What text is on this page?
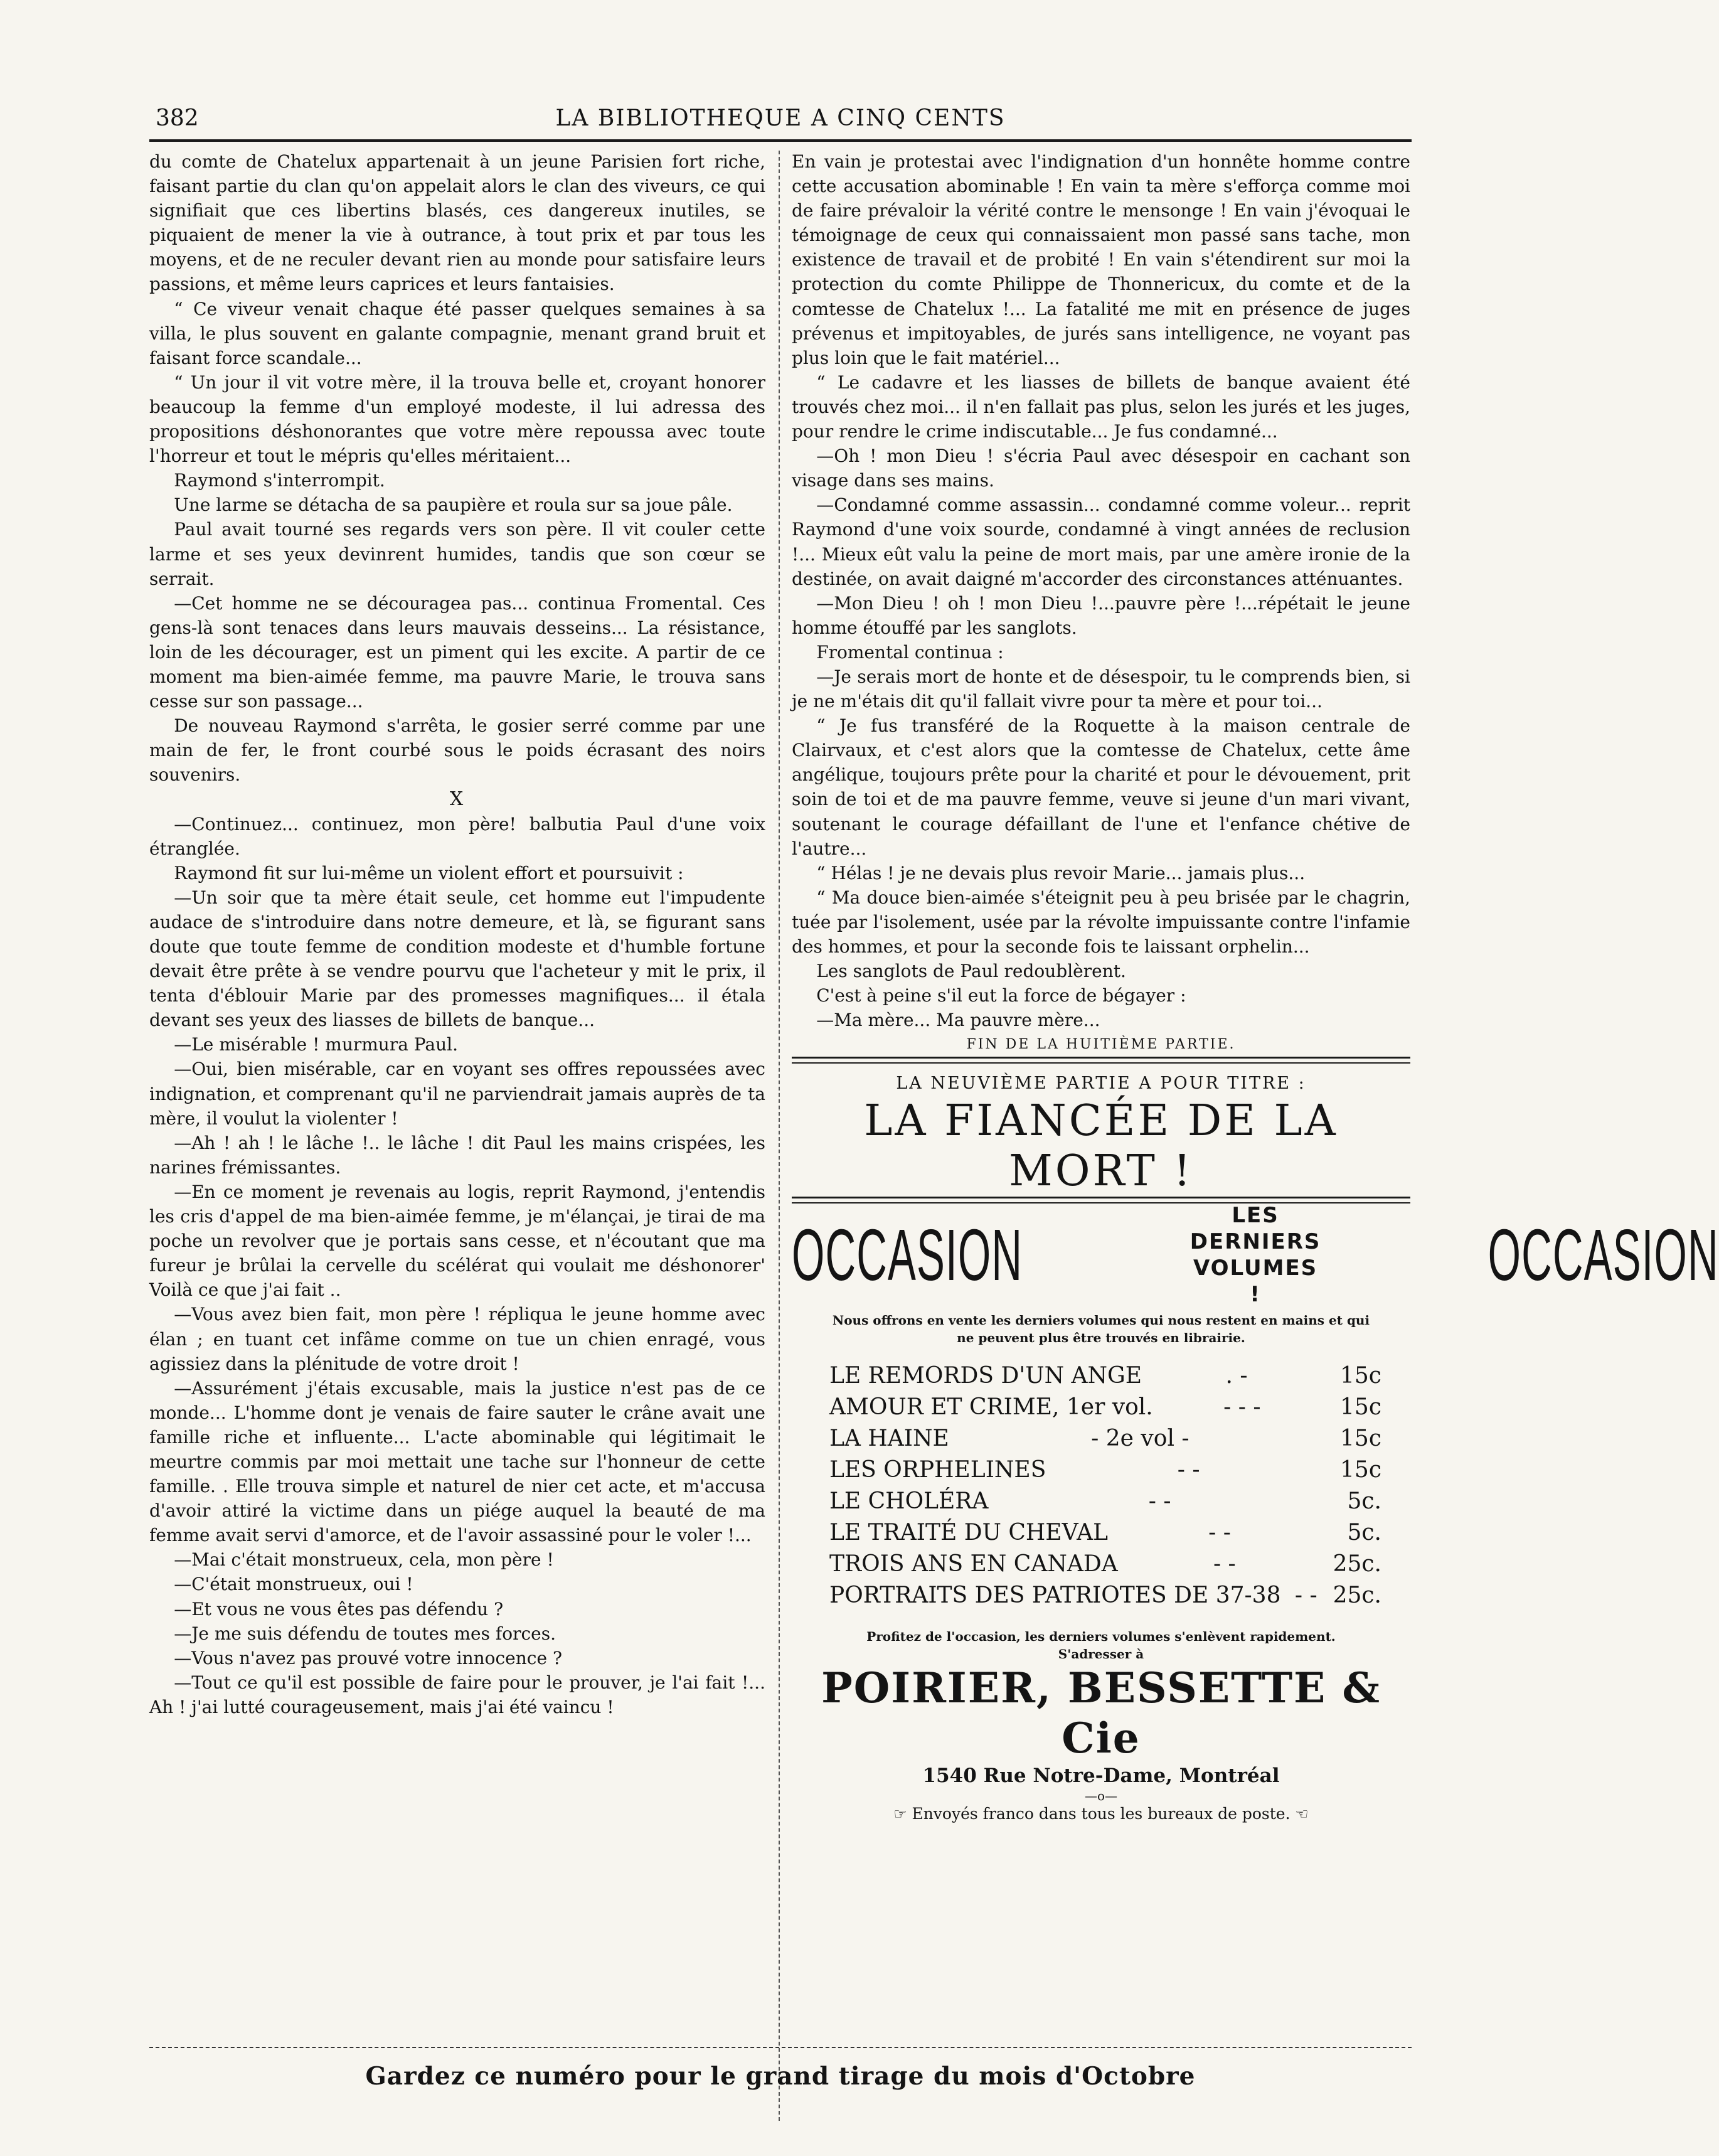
382	LA BIBLIOTHEQUE A CINQ CENTS

du comte de Chatelux appartenait à un jeune Parisien fort riche, faisant partie du clan qu'on appelait alors le clan des viveurs, ce qui signifiait que ces libertins blasés, ces dangereux inutiles, se piquaient de mener la vie à outrance, à tout prix et par tous les moyens, et de ne reculer devant rien au monde pour satisfaire leurs passions, et même leurs caprices et leurs fantaisies.

“ Ce viveur venait chaque été passer quelques semaines à sa villa, le plus souvent en galante compagnie, menant grand bruit et faisant force scandale...

“ Un jour il vit votre mère, il la trouva belle et, croyant honorer beaucoup la femme d'un employé modeste, il lui adressa des propositions déshonorantes que votre mère repoussa avec toute l'horreur et tout le mépris qu'elles méritaient...

Raymond s'interrompit.

Une larme se détacha de sa paupière et roula sur sa joue pâle.

Paul avait tourné ses regards vers son père. Il vit couler cette larme et ses yeux devinrent humides, tandis que son cœur se serrait.

—Cet homme ne se découragea pas... continua Fromental. Ces gens-là sont tenaces dans leurs mauvais desseins... La résistance, loin de les décourager, est un piment qui les excite. A partir de ce moment ma bien-aimée femme, ma pauvre Marie, le trouva sans cesse sur son passage...

De nouveau Raymond s'arrêta, le gosier serré comme par une main de fer, le front courbé sous le poids écrasant des noirs souvenirs.

X

—Continuez... continuez, mon père! balbutia Paul d'une voix étranglée.

Raymond fit sur lui-même un violent effort et poursuivit :

—Un soir que ta mère était seule, cet homme eut l'impudente audace de s'introduire dans notre demeure, et là, se figurant sans doute que toute femme de condition modeste et d'humble fortune devait être prête à se vendre pourvu que l'acheteur y mit le prix, il tenta d'éblouir Marie par des promesses magnifiques... il étala devant ses yeux des liasses de billets de banque...

—Le misérable ! murmura Paul.

—Oui, bien misérable, car en voyant ses offres repoussées avec indignation, et comprenant qu'il ne parviendrait jamais auprès de ta mère, il voulut la violenter !

—Ah ! ah ! le lâche !.. le lâche ! dit Paul les mains crispées, les narines frémissantes.

—En ce moment je revenais au logis, reprit Raymond, j'entendis les cris d'appel de ma bien-aimée femme, je m'élançai, je tirai de ma poche un revolver que je portais sans cesse, et n'écoutant que ma fureur je brûlai la cervelle du scélérat qui voulait me déshonorer' Voilà ce que j'ai fait ..

—Vous avez bien fait, mon père ! répliqua le jeune homme avec élan ; en tuant cet infâme comme on tue un chien enragé, vous agissiez dans la plénitude de votre droit !

—Assurément j'étais excusable, mais la justice n'est pas de ce monde... L'homme dont je venais de faire sauter le crâne avait une famille riche et influente... L'acte abominable qui légitimait le meurtre commis par moi mettait une tache sur l'honneur de cette famille. . Elle trouva simple et naturel de nier cet acte, et m'accusa d'avoir attiré la victime dans un piége auquel la beauté de ma femme avait servi d'amorce, et de l'avoir assassiné pour le voler !...

—Mai c'était monstrueux, cela, mon père !

—C'était monstrueux, oui !

—Et vous ne vous êtes pas défendu ?

—Je me suis défendu de toutes mes forces.

—Vous n'avez pas prouvé votre innocence ?

—Tout ce qu'il est possible de faire pour le prouver, je l'ai fait !... Ah ! j'ai lutté courageusement, mais j'ai été vaincu !

En vain je protestai avec l'indignation d'un honnête homme contre cette accusation abominable ! En vain ta mère s'efforça comme moi de faire prévaloir la vérité contre le mensonge ! En vain j'évoquai le témoignage de ceux qui connaissaient mon passé sans tache, mon existence de travail et de probité ! En vain s'étendirent sur moi la protection du comte Philippe de Thonnericux, du comte et de la comtesse de Chatelux !... La fatalité me mit en présence de juges prévenus et impitoyables, de jurés sans intelligence, ne voyant pas plus loin que le fait matériel...

“ Le cadavre et les liasses de billets de banque avaient été trouvés chez moi... il n'en fallait pas plus, selon les jurés et les juges, pour rendre le crime indiscutable... Je fus condamné...

—Oh ! mon Dieu ! s'écria Paul avec désespoir en cachant son visage dans ses mains.

—Condamné comme assassin... condamné comme voleur... reprit Raymond d'une voix sourde, condamné à vingt années de reclusion !... Mieux eût valu la peine de mort mais, par une amère ironie de la destinée, on avait daigné m'accorder des circonstances atténuantes.

—Mon Dieu ! oh ! mon Dieu !...pauvre père !...répétait le jeune homme étouffé par les sanglots.

Fromental continua :

—Je serais mort de honte et de désespoir, tu le comprends bien, si je ne m'étais dit qu'il fallait vivre pour ta mère et pour toi...

“ Je fus transféré de la Roquette à la maison centrale de Clairvaux, et c'est alors que la comtesse de Chatelux, cette âme angélique, toujours prête pour la charité et pour le dévouement, prit soin de toi et de ma pauvre femme, veuve si jeune d'un mari vivant, soutenant le courage défaillant de l'une et l'enfance chétive de l'autre...

“ Hélas ! je ne devais plus revoir Marie... jamais plus...

“ Ma douce bien-aimée s'éteignit peu à peu brisée par le chagrin, tuée par l'isolement, usée par la révolte impuissante contre l'infamie des hommes, et pour la seconde fois te laissant orphelin...

Les sanglots de Paul redoublèrent.

C'est à peine s'il eut la force de bégayer :

—Ma mère... Ma pauvre mère...

FIN DE LA HUITIÈME PARTIE.

LA NEUVIÈME PARTIE A POUR TITRE :

LA FIANCÉE DE LA MORT !

OCCASION	LES DERNIERS
VOLUMES !	OCCASION
Nous offrons en vente les derniers volumes qui nous restent en mains et qui
ne peuvent plus être trouvés en librairie.
LE REMORDS D'UN ANGE	. -	15c
AMOUR ET CRIME, 1er vol.	- - -	15c
LA HAINE	- 2e vol -	15c
LES ORPHELINES	- -	15c
LE CHOLÉRA	- -	5c.
LE TRAITÉ DU CHEVAL	- -	5c.
TROIS ANS EN CANADA	- -	25c.
PORTRAITS DES PATRIOTES DE 37-38 - - 25c.
Profitez de l'occasion, les derniers volumes s'enlèvent rapidement.
S'adresser à

POIRIER, BESSETTE & Cie

1540 Rue Notre-Dame, Montréal

—o—

☞ Envoyés franco dans tous les bureaux de poste. ☜

Gardez ce numéro pour le grand tirage du mois d'Octobre
